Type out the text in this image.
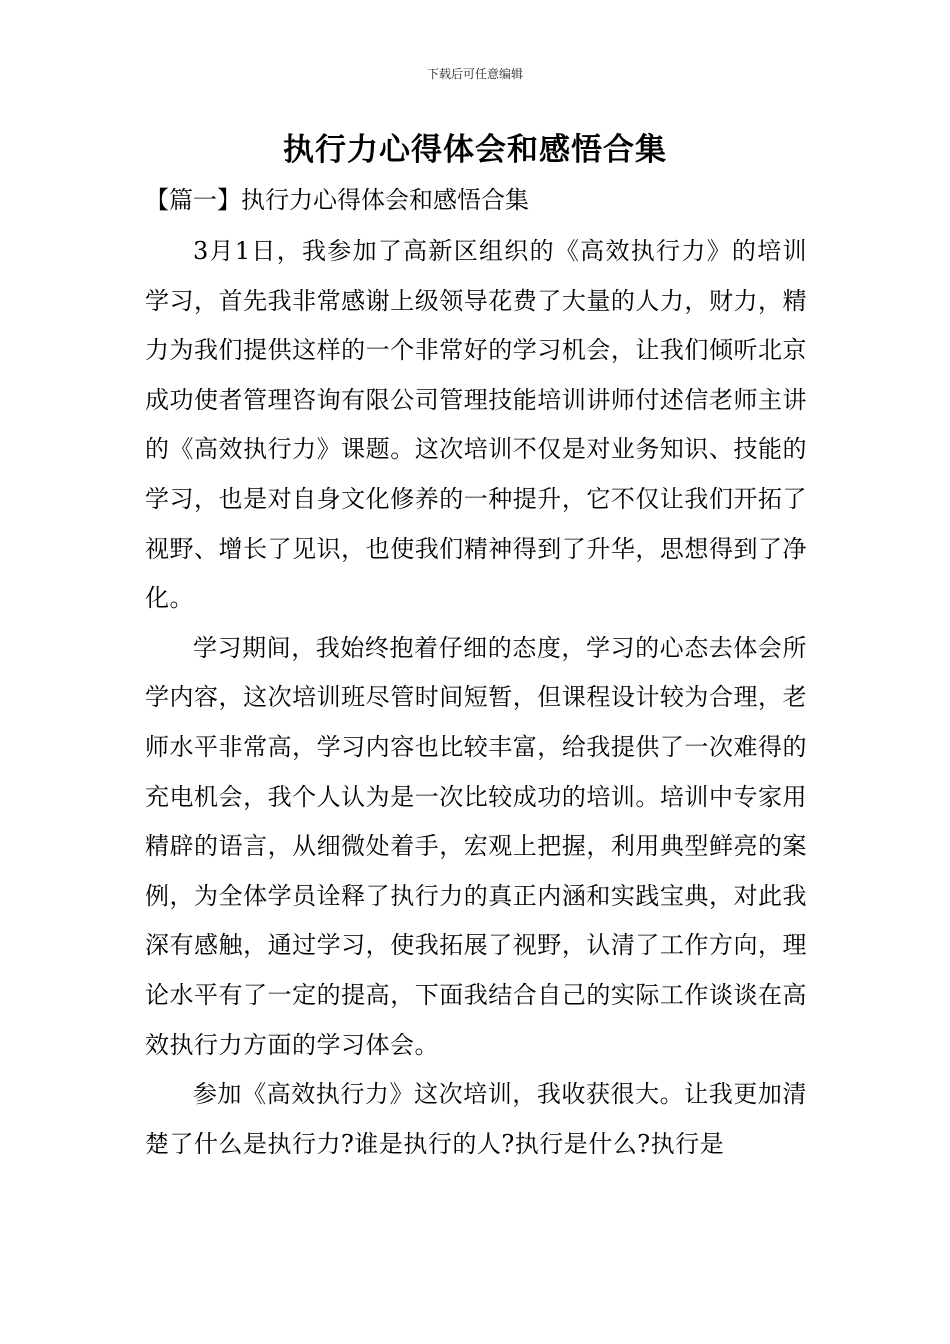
下载后可任意编辑
执行力心得体会和感悟合集
【篇一】执行力心得体会和感悟合集

3月1日，我参加了高新区组织的《高效执行力》的培训学习，首先我非常感谢上级领导花费了大量的人力，财力，精力为我们提供这样的一个非常好的学习机会，让我们倾听北京成功使者管理咨询有限公司管理技能培训讲师付述信老师主讲的《高效执行力》课题。这次培训不仅是对业务知识、技能的学习，也是对自身文化修养的一种提升，它不仅让我们开拓了视野、增长了见识，也使我们精神得到了升华，思想得到了净化。

学习期间，我始终抱着仔细的态度，学习的心态去体会所学内容，这次培训班尽管时间短暂，但课程设计较为合理，老师水平非常高，学习内容也比较丰富，给我提供了一次难得的充电机会，我个人认为是一次比较成功的培训。培训中专家用精辟的语言，从细微处着手，宏观上把握，利用典型鲜亮的案例，为全体学员诠释了执行力的真正内涵和实践宝典，对此我深有感触，通过学习，使我拓展了视野，认清了工作方向，理论水平有了一定的提高，下面我结合自己的实际工作谈谈在高效执行力方面的学习体会。

参加《高效执行力》这次培训，我收获很大。让我更加清楚了什么是执行力?谁是执行的人?执行是什么?执行是
